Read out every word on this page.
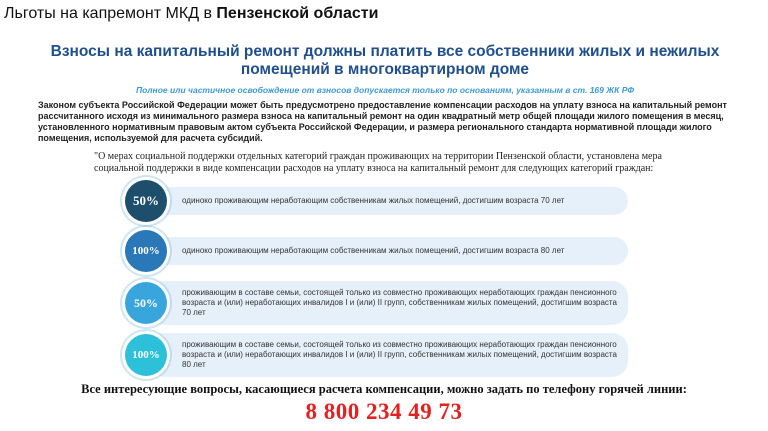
Льготы на капремонт МКД в Пензенской области
Взносы на капитальный ремонт должны платить все собственники жилых и нежилых помещений в многоквартирном доме
Полное или частичное освобождение от взносов допускается только по основаниям, указанным в ст. 169 ЖК РФ
Законом субъекта Российской Федерации может быть предусмотрено предоставление компенсации расходов на уплату взноса на капитальный ремонт рассчитанного исходя из минимального размера взноса на капитальный ремонт на один квадратный метр общей площади жилого помещения в месяц, установленного нормативным правовым актом субъекта Российской Федерации, и размера регионального стандарта нормативной площади жилого помещения, используемой для расчета субсидий.
"О мерах социальной поддержки отдельных категорий граждан проживающих на территории Пензенской области, установлена мера социальной поддержки в виде компенсации расходов на уплату взноса на капитальный ремонт для следующих категорий граждан:
50%	одиноко проживающим неработающим собственникам жилых помещений, достигшим возраста 70 лет
100%	одиноко проживающим неработающим собственникам жилых помещений, достигшим возраста 80 лет
50%
проживающим в составе семьи, состоящей только из совместно проживающих неработающих граждан пенсионного возраста и (или) неработающих инвалидов I и (или) II групп, собственникам жилых помещений, достигшим возраста 70 лет
100%
проживающим в составе семьи, состоящей только из совместно проживающих неработающих граждан пенсионного возраста и (или) неработающих инвалидов I и (или) II групп, собственникам жилых помещений, достигшим возраста 80 лет
Все интересующие вопросы, касающиеся расчета компенсации, можно задать по телефону горячей линии:
8 800 234 49 73
